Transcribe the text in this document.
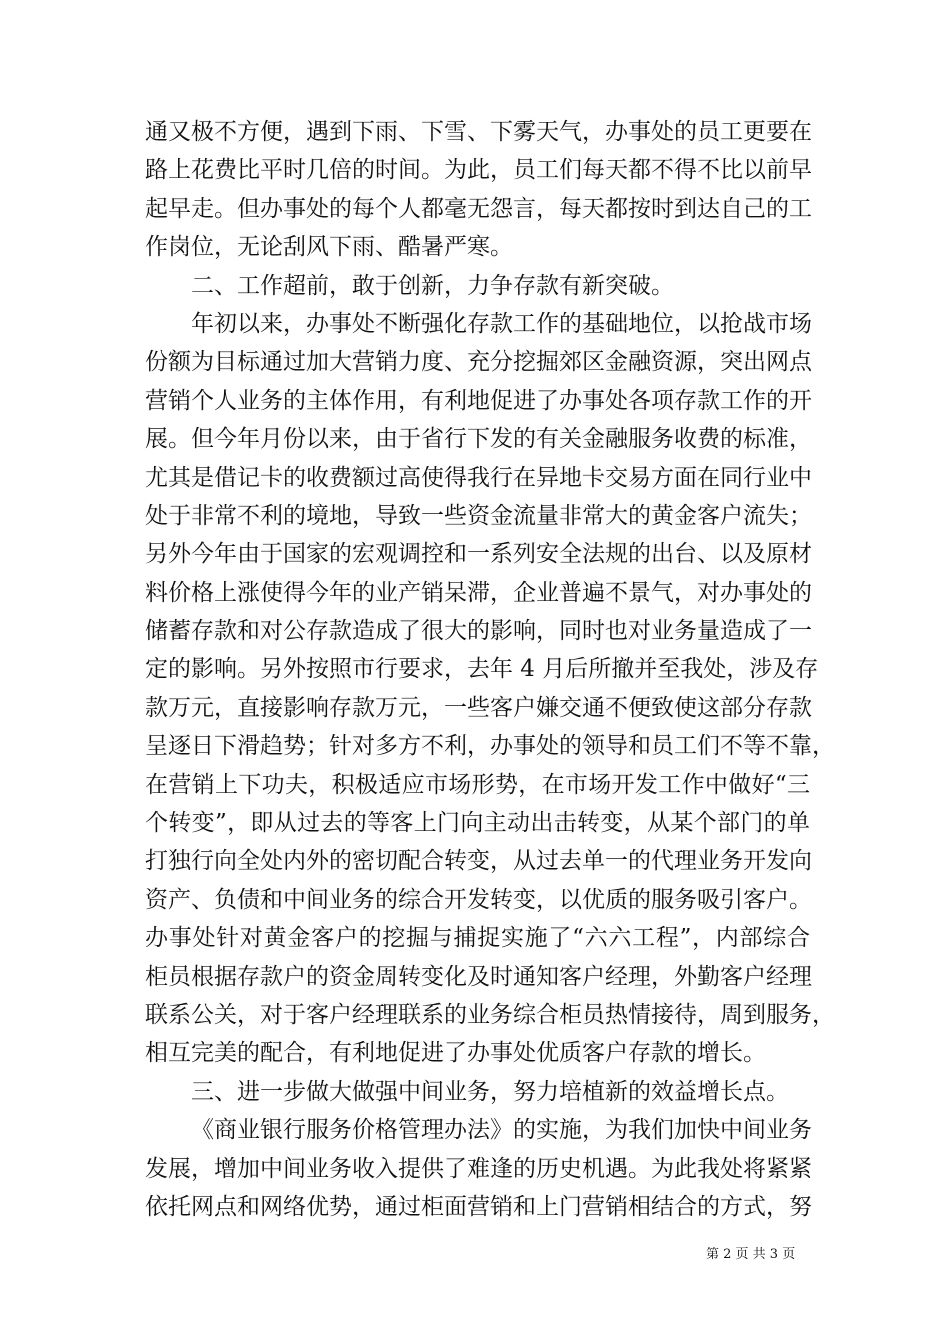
通又极不方便，遇到下雨、下雪、下雾天气，办事处的员工更要在
路上花费比平时几倍的时间。为此，员工们每天都不得不比以前早
起早走。但办事处的每个人都毫无怨言，每天都按时到达自己的工
作岗位，无论刮风下雨、酷暑严寒。
二、工作超前，敢于创新，力争存款有新突破。
年初以来，办事处不断强化存款工作的基础地位，以抢战市场
份额为目标通过加大营销力度、充分挖掘郊区金融资源，突出网点
营销个人业务的主体作用，有利地促进了办事处各项存款工作的开
展。但今年月份以来，由于省行下发的有关金融服务收费的标准，
尤其是借记卡的收费额过高使得我行在异地卡交易方面在同行业中
处于非常不利的境地，导致一些资金流量非常大的黄金客户流失；
另外今年由于国家的宏观调控和一系列安全法规的出台、以及原材
料价格上涨使得今年的业产销呆滞，企业普遍不景气，对办事处的
储蓄存款和对公存款造成了很大的影响，同时也对业务量造成了一
定的影响。另外按照市行要求，去年 4 月后所撤并至我处，涉及存
款万元，直接影响存款万元，一些客户嫌交通不便致使这部分存款
呈逐日下滑趋势；针对多方不利，办事处的领导和员工们不等不靠，
在营销上下功夫，积极适应市场形势，在市场开发工作中做好“三
个转变”，即从过去的等客上门向主动出击转变，从某个部门的单
打独行向全处内外的密切配合转变，从过去单一的代理业务开发向
资产、负债和中间业务的综合开发转变，以优质的服务吸引客户。
办事处针对黄金客户的挖掘与捕捉实施了“六六工程”，内部综合
柜员根据存款户的资金周转变化及时通知客户经理，外勤客户经理
联系公关，对于客户经理联系的业务综合柜员热情接待，周到服务，
相互完美的配合，有利地促进了办事处优质客户存款的增长。
三、进一步做大做强中间业务，努力培植新的效益增长点。
《商业银行服务价格管理办法》的实施，为我们加快中间业务
发展，增加中间业务收入提供了难逢的历史机遇。为此我处将紧紧
依托网点和网络优势，通过柜面营销和上门营销相结合的方式，努
第 2 页 共 3 页
